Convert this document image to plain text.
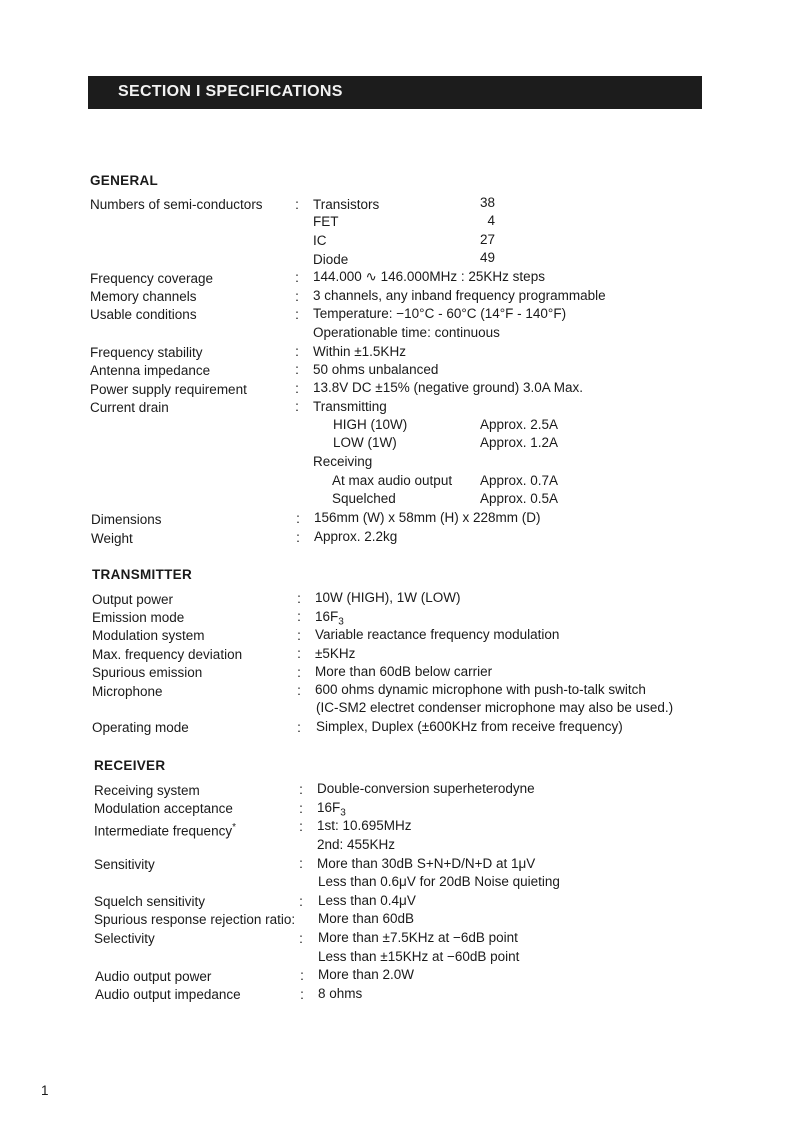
SECTION I SPECIFICATIONS
GENERAL
Numbers of semi-conductors : Transistors	38
FET	4
IC	27
Diode	49
Frequency coverage	: 144.000 ∿ 146.000MHz : 25KHz steps
Memory channels	: 3 channels, any inband frequency programmable
Usable conditions	: Temperature: −10°C - 60°C (14°F - 140°F)
Operationable time: continuous
Frequency stability	: Within ±1.5KHz
Antenna impedance	: 50 ohms unbalanced
Power supply requirement	: 13.8V DC ±15% (negative ground) 3.0A Max.
Current drain	: Transmitting
HIGH (10W)	Approx. 2.5A
LOW (1W)	Approx. 1.2A
Receiving
At max audio output Approx. 0.7A
Squelched	Approx. 0.5A
Dimensions	: 156mm (W) x 58mm (H) x 228mm (D)
Weight	: Approx. 2.2kg
TRANSMITTER
Output power	: 10W (HIGH), 1W (LOW)
Emission mode	: $16F_3$
Modulation system	: Variable reactance frequency modulation
Max. frequency deviation	: ±5KHz
Spurious emission	: More than 60dB below carrier
Microphone	: 600 ohms dynamic microphone with push-to-talk switch
(IC-SM2 electret condenser microphone may also be used.)
Operating mode	: Simplex, Duplex (±600KHz from receive frequency)
RECEIVER
Receiving system	: Double-conversion superheterodyne
Modulation acceptance	: $16F_3$
Intermediate frequency*	: 1st: 10.695MHz
2nd: 455KHz
Sensitivity	: More than 30dB S+N+D/N+D at 1μV
Less than 0.6μV for 20dB Noise quieting
Squelch sensitivity	: Less than 0.4μV
Spurious response rejection ratio: More than 60dB
Selectivity	: More than ±7.5KHz at −6dB point
Less than ±15KHz at −60dB point
Audio output power	: More than 2.0W
Audio output impedance	: 8 ohms
1
